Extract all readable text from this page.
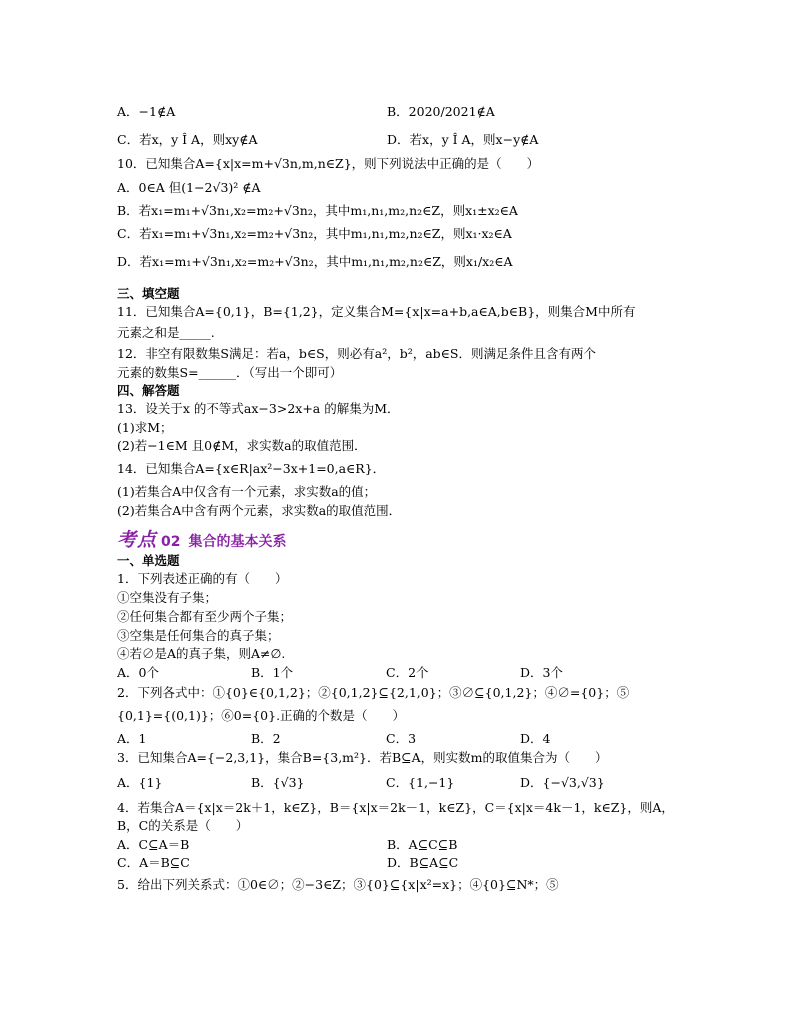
A．−1∉A	B．2020/2021∉A
C．若x，y Î A，则xy∉A	D．若x，y Î A，则x−y∉A
10．已知集合A={x|x=m+√3n,m,n∈Z}，则下列说法中正确的是（　　）
A．0∈A 但(1−2√3)² ∉A
B．若x₁=m₁+√3n₁,x₂=m₂+√3n₂，其中m₁,n₁,m₂,n₂∈Z，则x₁±x₂∈A
C．若x₁=m₁+√3n₁,x₂=m₂+√3n₂，其中m₁,n₁,m₂,n₂∈Z，则x₁·x₂∈A
D．若x₁=m₁+√3n₁,x₂=m₂+√3n₂，其中m₁,n₁,m₂,n₂∈Z，则x₁/x₂∈A
三、填空题
11．已知集合A={0,1}，B={1,2}，定义集合M={x|x=a+b,a∈A,b∈B}，则集合M中所有
元素之和是_____.
12．非空有限数集S满足：若a，b∈S，则必有a²，b²，ab∈S．则满足条件且含有两个
元素的数集S=______．（写出一个即可）
四、解答题
13．设关于x 的不等式ax−3>2x+a 的解集为M．
(1)求M；
(2)若−1∈M 且0∉M，求实数a的取值范围．
14．已知集合A={x∈R|ax²−3x+1=0,a∈R}．
(1)若集合A中仅含有一个元素，求实数a的值；
(2)若集合A中含有两个元素，求实数a的取值范围．
一、单选题
1．下列表述正确的有（　　）
①空集没有子集；
②任何集合都有至少两个子集；
③空集是任何集合的真子集；
④若∅是A的真子集，则A≠∅.
A．0个	B．1个	C．2个	D．3个
2．下列各式中：①{0}∈{0,1,2}；②{0,1,2}⊆{2,1,0}；③∅⊆{0,1,2}；④∅={0}；⑤
{0,1}={(0,1)}；⑥0={0}.正确的个数是（　　）
A．1	B．2	C．3	D．4
3．已知集合A={−2,3,1}，集合B={3,m²}．若B⊆A，则实数m的取值集合为（　　）
A．{1}	B．{√3}	C．{1,−1}	D．{−√3,√3}
4．若集合A＝{x|x＝2k＋1，k∈Z}，B＝{x|x＝2k－1，k∈Z}，C＝{x|x＝4k－1，k∈Z}，则A，
B，C的关系是（　　）
A．C⊆A＝B	B．A⊆C⊆B
C．A＝B⊆C	D．B⊆A⊆C
5．给出下列关系式：①0∈∅；②−3∈Z；③{0}⊆{x|x²=x}；④{0}⊆N*；⑤
考点 02 集合的基本关系
